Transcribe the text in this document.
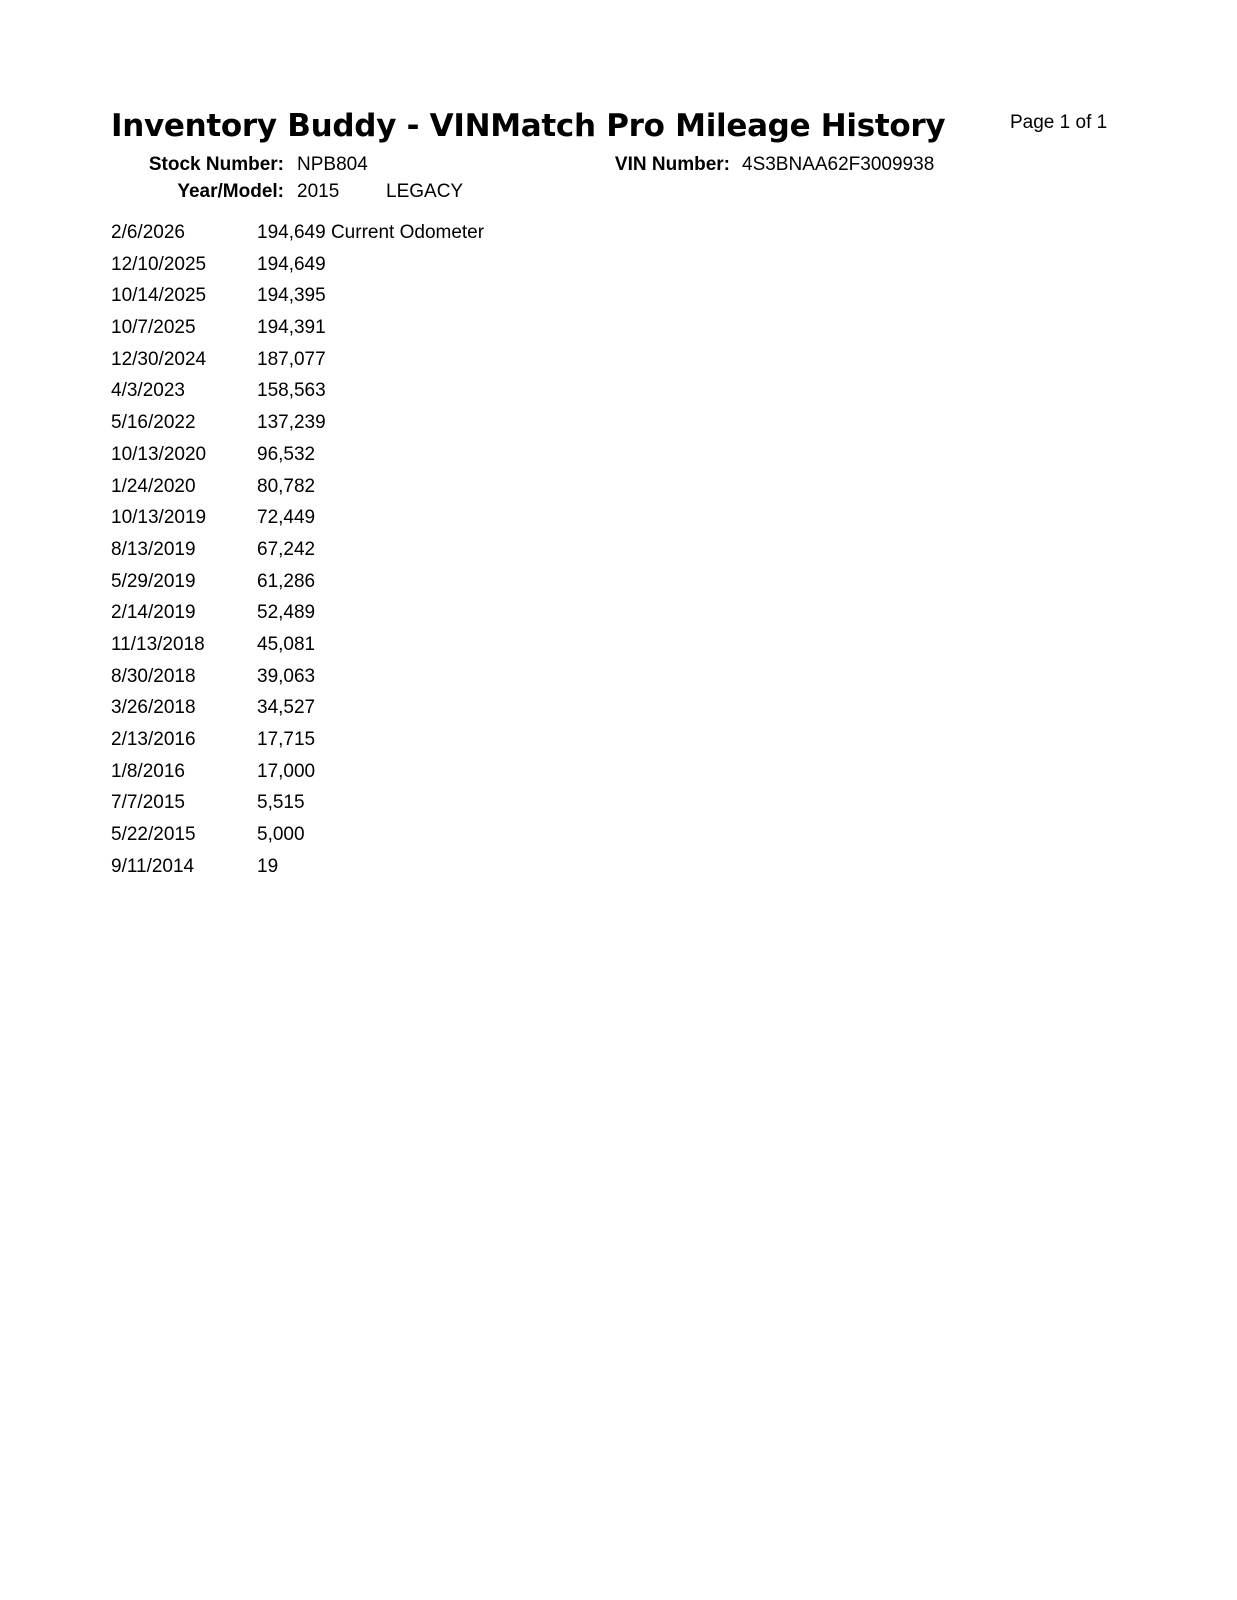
Inventory Buddy - VINMatch Pro Mileage History	Page 1 of 1
Stock Number: NPB804	VIN Number: 4S3BNAA62F3009938
Year/Model: 2015 LEGACY
2/6/2026	194,649 Current Odometer
12/10/2025	194,649
10/14/2025	194,395
10/7/2025	194,391
12/30/2024	187,077
4/3/2023	158,563
5/16/2022	137,239
10/13/2020	96,532
1/24/2020	80,782
10/13/2019	72,449
8/13/2019	67,242
5/29/2019	61,286
2/14/2019	52,489
11/13/2018	45,081
8/30/2018	39,063
3/26/2018	34,527
2/13/2016	17,715
1/8/2016	17,000
7/7/2015	5,515
5/22/2015	5,000
9/11/2014	19
